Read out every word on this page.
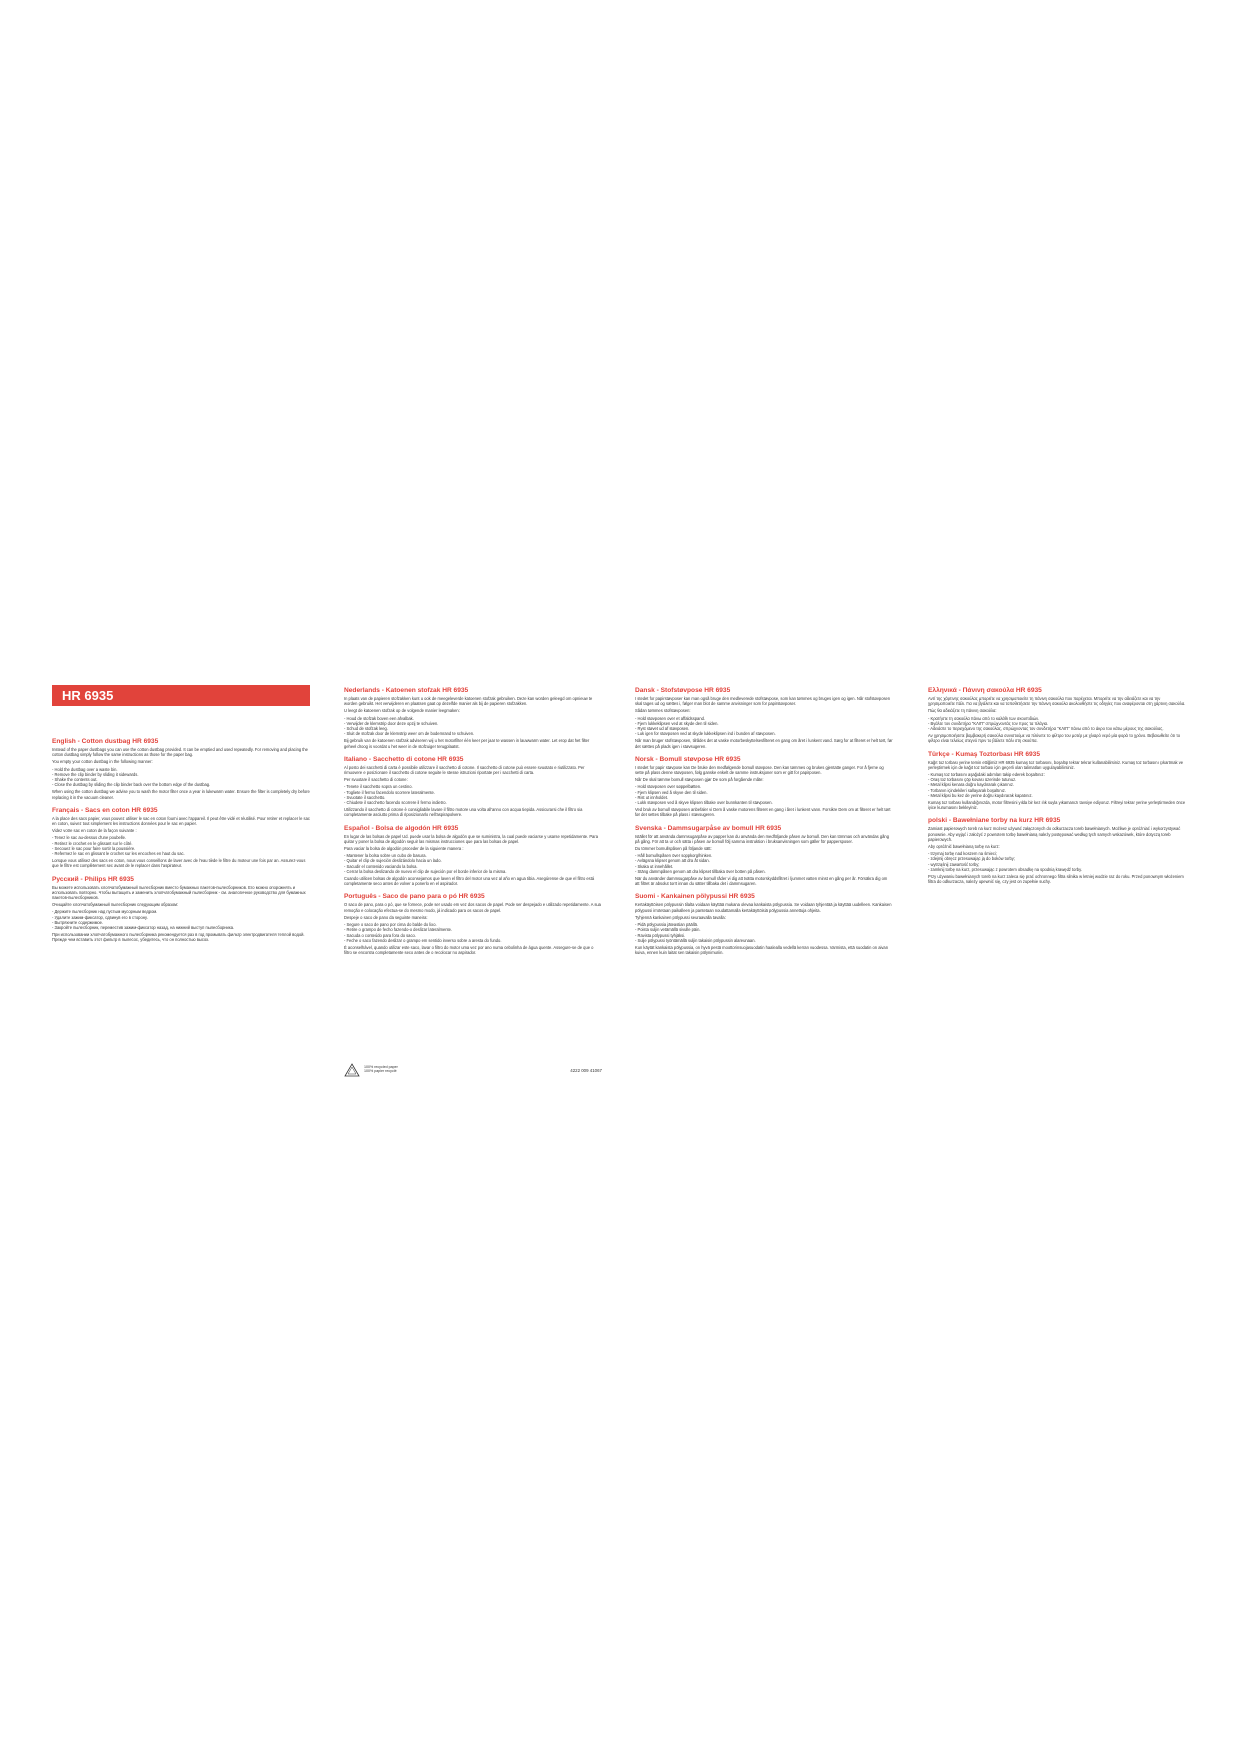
HR 6935
English - Cotton dustbag HR 6935

Instead of the paper dustbags you can use the cotton dustbag provided. It can be emptied and used repeatedly. For removing and placing the cotton dustbag simply follow the same instructions as those for the paper bag.

You empty your cotton dustbag in the following manner:

- Hold the dustbag over a waste bin.
- Remove the clip binder by sliding it sidewards.
- Shake the contents out.
- Close the dustbag by sliding the clip binder back over the bottom edge of the dustbag.

When using the cotton dustbag we advise you to wash the motor filter once a year in lukewarm water. Ensure the filter is completely dry before replacing it in the vacuum cleaner.

Français - Sacs en coton HR 6935

A la place des sacs papier, vous pouvez utiliser le sac en coton fourni avec l'appareil. Il peut être vidé et réutilisé. Pour retirer et replacer le sac en coton, suivez tout simplement les instructions données pour le sac en papier.

Videz votre sac en coton de la façon suivante :

- Tenez le sac au-dessus d'une poubelle.
- Retirez le crochet en le glissant sur le côté.
- Secouez le sac pour faire sortir la poussière.
- Refermez le sac en glissant le crochet sur les encoches en haut du sac.

Lorsque vous utilisez des sacs en coton, nous vous conseillons de laver avec de l'eau tiède le filtre du moteur une fois par an. Assurez-vous que le filtre est complètement sec avant de le replacer dans l'aspirateur.

Русский - Philips HR 6935

Вы можете использовать хлопчатобумажный пылесборник вместо бумажных пакетов-пылесборников. Его можно опорожнять и использовать повторно. Чтобы вытащить и заменить хлопчатобумажный пылесборник - см. аналогичное руководство для бумажных пакетов-пылесборников.

Очищайте хлопчатобумажный пылесборник следующим образом:

- Держите пылесборник над пустым мусорным ведром.
- Удалите зажим-фиксатор, сдвинув его в сторону.
- Вытряхните содержимое.
- Закройте пылесборник, переместив зажим-фиксатор назад, на нижний выступ пылесборника.

При использовании хлопчатобумажного пылесборника рекомендуется раз в год промывать фильтр электродвигателя теплой водой. Прежде чем вставить этот фильтр в пылесос, убедитесь, что он полностью высох.

Nederlands - Katoenen stofzak HR 6935

In plaats van de papieren stofzakken kunt u ook de meegeleverde katoenen stofzak gebruiken. Deze kan worden geleegd om opnieuw te worden gebruikt. Het verwijderen en plaatsen gaat op dezelfde manier als bij de papieren stofzakken.

U leegt de katoenen stofzak op de volgende manier leegmaken:

- Houd de stofzak boven een afvalbak.
- Verwijder de klemstrip door deze opzij te schuiven.
- Schud de stofzak leeg.
- Sluit de stofzak door de klemstrip weer om de bodemrand te schuiven.

Bij gebruik van de katoenen stofzak adviseren wij u het motorfilter één keer per jaar te wassen in lauwwarm water. Let erop dat het filter geheel droog is voordat u het weer in de stofzuiger terugplaatst.

Italiano - Sacchetto di cotone HR 6935

Al posto dei sacchetti di carta è possibile utilizzare il sacchetto di cotone. Il sacchetto di cotone può essere svuotato e riutilizzato. Per rimuovere e posizionare il sacchetto di cotone seguite le stesse istruzioni riportate per i sacchetti di carta.

Per svuotare il sacchetto di cotone:

- Tenete il sacchetto sopra un cestino.
- Togliete il fermo facendolo scorrere lateralmente.
- Svuotate il sacchetto.
- Chiudete il sacchetto facendo scorrere il fermo indietro.

Utilizzando il sacchetto di cotone è consigliabile lavare il filtro motore una volta all'anno con acqua tiepida. Assicurarsi che il filtro sia completamente asciutto prima di riposizionarlo nell'aspirapolvere.

Español - Bolsa de algodón HR 6935

En lugar de las bolsas de papel Ud. puede usar la bolsa de algodón que se suministra, la cual puede vaciarse y usarse repetidamente. Para quitar y poner la bolsa de algodón seguir las mismas instrucciones que para las bolsas de papel.

Para vaciar la bolsa de algodón proceder de la siguiente manera :

- Mantener la bolsa sobre un cubo de basura.
- Quitar el clip de sujeción deslizándolo hacia un lado.
- Sacudir el contenido vaciando la bolsa.
- Cerrar la bolsa deslizando de nuevo el clip de sujeción por el borde inferior de la misma.

Cuando utilicen bolsas de algodón aconsejamos que laven el filtro del motor una vez al año en agua tibia. Asegúrense de que el filtro está completamente seco antes de volver a ponerlo en el aspirador.

Português - Saco de pano para o pó HR 6935

O saco de pano, para o pó, que se fornece, pode ser usado em vez dos sacos de papel. Pode ser despejado e utilizado repetidamente. A sua remoção e colocação efectua-se do mesmo modo, já indicado para os sacos de papel.

Despeje o saco de pano da seguinte maneira:

- Segure o saco de pano por cima do balde do lixo.
- Retire o grampo de fecho fazendo-o deslizar lateralmente.
- Sacuda o conteúdo para fora do saco.
- Feche o saco fazendo deslizar o grampo em sentido inverso sobre a aresta do fundo.

É aconselhável, quando utilizar este saco, lavar o filtro do motor uma vez por ano numa cebolinha de água quente. Assegure-se de que o filtro se encontra completamente seco antes de o recolocar no aspirador.

100% recycled paper
100% papier recyclé	4222 009 41067
Dansk - Stofstøvpose HR 6935

I stedet for papirstøvposer kan man også bruge den medleverede stofstøvpose, som kan tømmes og bruges igen og igen. Når stofstøvposen skal tages ud og sættes i, følger man blot de samme anvisninger som for papirstøvposer.

Sådan tømmes stofstøvposen:

- Hold støvposen over et affaldsspand.
- Fjern lukkeklipsen ved at skyde den til siden.
- Ryst støvet ud af støvposen.
- Luk igen for støvposen ved at skyde lukkeklipsen ind i bunden af støvposen.

Når man bruger stofstøvposen, tilrådes det at vaske motorbeskyttelsesfilteret en gang om året i lunkent vand. Sørg for at filteret er helt tørt, før det sættes på plads igen i støvsugeren.

Norsk - Bomull støvpose HR 6935

I stedet for papir støvpose kan De bruke den medfølgende bomull støvpose. Den kan tømmes og brukes gjentatte ganger. For å fjerne og sette på plass denne støvposen, følg ganske enkelt de samme instruksjoner som er gitt for papirposen.

Når De skal tømme bomull støvposen gjør De som på forgående måte:

- Hold støvposen over søppelbøtten.
- Fjern klipsen ved å skyve den til siden.
- Rist ut innholdet.
- Lukk støvposen ved å skyve klipsen tilbake over bunnkanten til støvposen.

Ved bruk av bomull støvposen anbefaler vi Dem å vaske motorens filteret en gang i året i lunkent vann. Forsikre Dem om at filteret er helt tørt før det settes tilbake på plass i støvsugeren.

Svenska - Dammsugarpåse av bomull HR 6935

Istället för att använda dammsugarpåse av papper kan du använda den medföljande påsen av bomull. Den kan tömmas och användas gång på gång. För att ta ur och sätta i påsen av bomull följ samma instruktion i bruksanvisningen som gäller för pappersposer.

Du tömmer bomullspåsen på följande sätt:

- Håll bomullspåsen över soppkorg/hinken.
- Avlägsna klipset genom att dra åt sidan.
- Skaka ut innehållet.
- Stäng dammpåsen genom att dra klipset tillbaka över botten på påsen.

När du använder dammsugarpåse av bomull råder vi dig att tvätta motorskyddsfiltret i ljummet vatten minst en gång per år. Försäkra dig om att filtret är absolut torrt innan du sätter tillbaka det i dammsugaren.

Suomi - Kankainen pölypussi HR 6935

Kertakäyttöisen pölypussin tilalta voidaan käyttää mukana olevaa kankaista pölypussia. Se voidaan tyhjentää ja käyttää uudelleen. Kankaisen pölypussi irrotetaan paikalleen ja pantetaan noudattamalla kertakäyttöisiä pölypussia annettuja ohjeita.

Tyhjennä kankainen pölypussi seuraavalla tavalla:

- Pidä pölypussia jäteastian päällä.
- Poista suljin vetämällä sivulle päin.
- Ravista pölypussi tyhjäksi.
- Sulje pölypussi työntämällä suljin takaisin pölypussin alareunaan.

Kun käytät kankaista pölypussia, on hyvä pestä moottorinsuojasuodatin haalealla vedellä kerran vuodessa. Varmista, että suodatin on aivan kuiva, ennen kuin laitat sen takaisin pölynimuriin.

Ελληνικά - Πάνινη σακούλα HR 6935

Αντί της χάρτινης σακούλας μπορείτε να χρησιμοποιείτε τη πάνινη σακούλα που παρέχεται. Μπορείτε να την αδειάζετε και να την χρησιμοποιείτε πάλι. Για να βγάλετε και να τοποθετήσετε την πάνινη σακούλα ακολουθήστε τις οδηγίες που αναφέρονται στη χάρτινη σακούλα.

Πώς θα αδειάζετε τη πάνινη σακούλα:

- Κρατήστε τη σακούλα πάνω από το καλάθι των σκουπιδιών.
- Βγάλτε τον συνδετήρα "ΚΛΙΠ" σπρώχνοντάς τον προς τα πλάγια.
- Αδειάστε το περιεχόμενο της σακούλας, σπρώχνοντας τον συνδετήρα "ΚΛΙΠ" πάνω από το άκρο του κάτω μέρους της σακούλας.

Αν χρησιμοποιήσετε βαμβακερή σακούλα συνιστούμε να πλύνετε το φίλτρο του μοτέρ με χλιαρό νερό μία φορά το χρόνο. Βεβαιωθείτε ότι το φίλτρο είναι τελείως στεγνό πριν το βάλετε πάλι στη σκούπα.

Türkçe - Kumaş Toztorbası HR 6935

Kağıt toz torbası yerine temin ettiğimiz HR 6935 kumaş toz torbasını, boşaltıp tekrar tekrar kullanabilirsiniz. Kumaş toz torbasını çıkartmak ve yerleştirmek için de kağıt toz torbası için geçerli olan talimatları uygulayabilirsiniz.

- Kumaş toz torbasını aşağıdaki adımları takip ederek boşaltınız:
- Oraş toz torbasını çöp kovası üzerinde tutunuz.
- Metal klipsi kenara doğru kaydırarak çıkarınız.
- Torbanın içindekileri sallayarak boşaltınız.
- Metal klipsi bu kez de yerine doğru kaydırarak kapatınız.

Kumaş toz torbası kullandığınızda, motor filtresini yılda bir kez ılık suyla yıkamanızı tavsiye ediyoruz. Filtreyi tekrar yerine yerleştirmeden önce iyice kurumasını bekleyiniz.

polski - Bawełniane torby na kurz HR 6935

Zamiast papierowych toreb na kurz możesz używać załączonych do odkurzacza toreb bawełnianych. Możliwe je opróżniać i wykorzystywać ponownie. Aby wyjąć i założyć z powrotem torbę bawełnianą należy postępować według tych samych wskazówek, które dotyczą toreb papierowych.

Aby opróżnić bawełnianą torbę na kurz:

- trzymaj torbę nad koszem na śmieci;
- zdejmij obręcz przesuwając ją do boków torby;
- wytrząśnij zawartość torby;
- zamknij torbę na kurz, przesuwając z powrotem obsadkę na spodnią krawędź torby.

Przy używaniu bawełnianych toreb na kurz zaleca się prać ochronnego filtra silnika w letniej wodzie raz do roku. Przed ponownym włożeniem filtra do odkurzacza, należy upewnić się, czy jest on zupełnie suchy.
